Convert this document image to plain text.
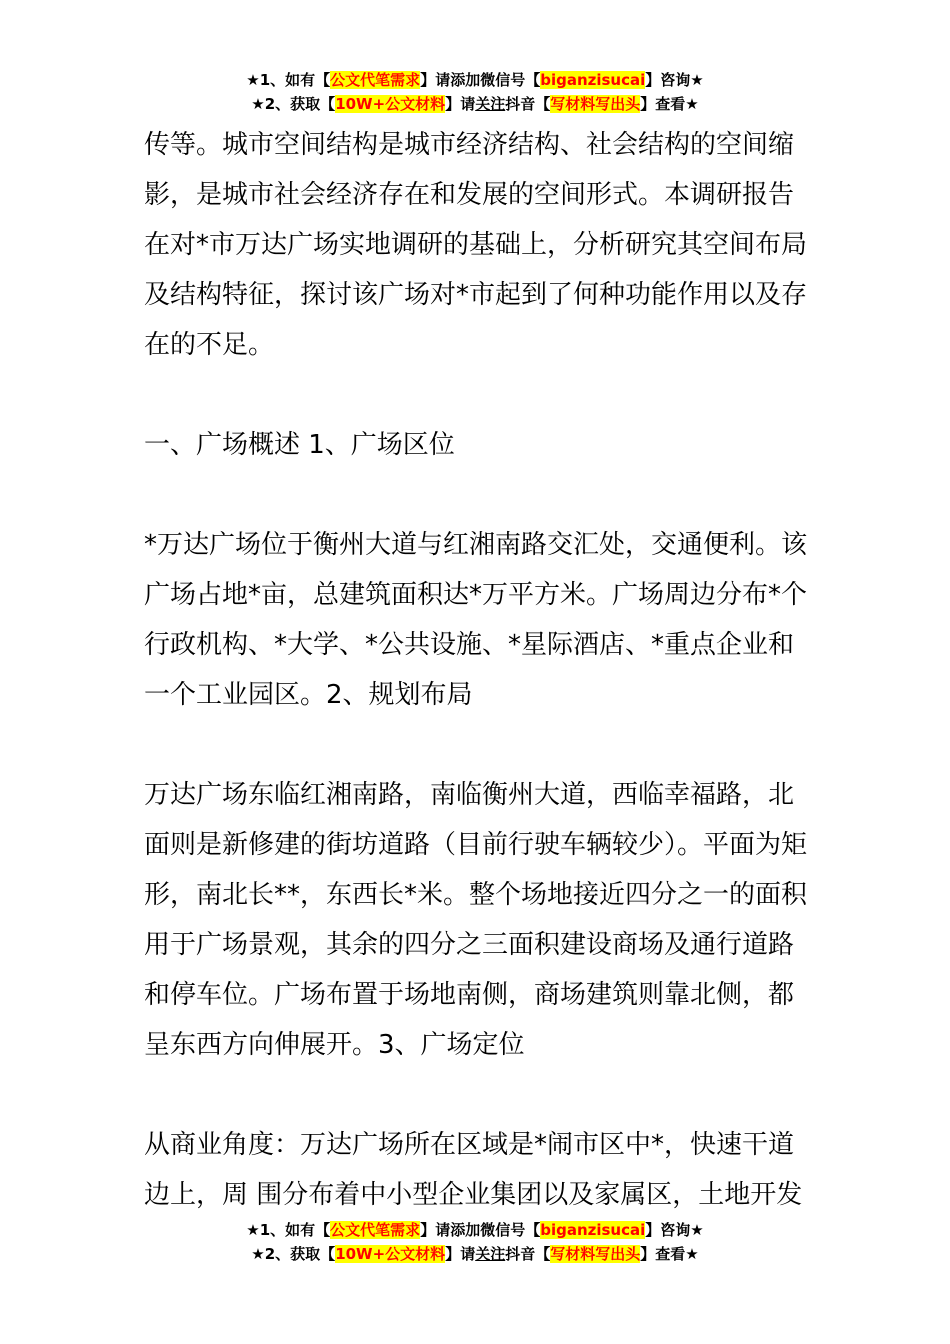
★1、如有【公文代笔需求】请添加微信号【biganzisucai】咨询★
★2、获取【10W+公文材料】请关注抖音【写材料写出头】查看★

传等。城市空间结构是城市经济结构、社会结构的空间缩影，是城市社会经济存在和发展的空间形式。本调研报告在对*市万达广场实地调研的基础上，分析研究其空间布局及结构特征，探讨该广场对*市起到了何种功能作用以及存在的不足。

一、广场概述 1、广场区位

*万达广场位于衡州大道与红湘南路交汇处，交通便利。该广场占地*亩，总建筑面积达*万平方米。广场周边分布*个行政机构、*大学、*公共设施、*星际酒店、*重点企业和一个工业园区。2、规划布局

万达广场东临红湘南路，南临衡州大道，西临幸福路，北面则是新修建的街坊道路（目前行驶车辆较少）。平面为矩形，南北长**，东西长*米。整个场地接近四分之一的面积用于广场景观，其余的四分之三面积建设商场及通行道路和停车位。广场布置于场地南侧，商场建筑则靠北侧，都呈东西方向伸展开。3、广场定位

从商业角度：万达广场所在区域是*闹市区中*，快速干道边上，周 围分布着中小型企业集团以及家属区，土地开发

★1、如有【公文代笔需求】请添加微信号【biganzisucai】咨询★
★2、获取【10W+公文材料】请关注抖音【写材料写出头】查看★
